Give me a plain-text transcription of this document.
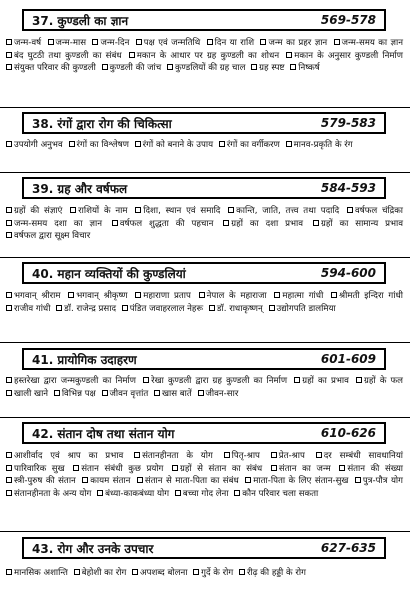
37. कुण्डली का ज्ञान	569-578
जन्म-वर्ष जन्म-मास जन्म-दिन पक्ष एवं जन्मतिथि दिन या राशि जन्म का प्रहर ज्ञान जन्म-समय का ज्ञान बंद घुटठी तथा कुण्डली का संबंध मकान के आधार पर ग्रह कुण्डली का शोधन मकान के अनुसार कुण्डली निर्माण संयुक्त परिवार की कुण्डली कुण्डली की जांच कुण्डलियों की ग्रह चाल ग्रह स्पष्ट निष्कर्ष
38. रंगों द्वारा रोग की चिकित्सा	579-583
उपयोगी अनुभव रंगों का विश्लेषण रंगों को बनाने के उपाय रंगों का वर्गीकरण मानव-प्रकृति के रंग
39. ग्रह और वर्षफल	584-593
ग्रहों की संज्ञाएं राशियों के नाम दिशा, स्थान एवं समादि कान्ति, जाति, तत्त्व तथा पदादि वर्षफल चंद्रिका जन्म-समय दशा का ज्ञान वर्षफल शुद्धता की पहचान ग्रहों का दशा प्रभाव ग्रहों का सामान्य प्रभाव वर्षफल द्वारा सूक्ष्म विचार
40. महान व्यक्तियों की कुण्डलियां	594-600
भगवान् श्रीराम भगवान् श्रीकृष्ण महाराणा प्रताप नेपाल के महाराजा महात्मा गांधी श्रीमती इन्दिरा गांधी राजीव गांधी डॉ. राजेन्द्र प्रसाद पंडित जवाहरलाल नेहरू डॉ. राधाकृष्णन् उद्योगपति डालमिया
41. प्रायोगिक उदाहरण	601-609
हस्तरेखा द्वारा जन्मकुण्डली का निर्माण रेखा कुण्डली द्वारा ग्रह कुण्डली का निर्माण ग्रहों का प्रभाव ग्रहों के फल खाली खाने विभिन्न पक्ष जीवन वृत्तांत खास बातें जीवन-सार
42. संतान दोष तथा संतान योग	610-626
आशीर्वाद एवं श्राप का प्रभाव संतानहीनता के योग पितृ-श्राप प्रेत-श्राप दर सम्बंधी सावधानियां पारिवारिक सुख संतान संबंधी कुछ प्रयोग ग्रहों से संतान का संबंध संतान का जन्म संतान की संख्या स्त्री-पुरुष की संतान कायम संतान संतान से माता-पिता का संबंध माता-पिता के लिए संतान-सुख पुत्र-पौत्र योग संतानहीनता के अन्य योग बंध्या-काकबंध्या योग बच्चा गोद लेना कौन परिवार चला सकता
43. रोग और उनके उपचार	627-635
मानसिक अशान्ति बेहोशी का रोग अपशब्द बोलना गुर्दे के रोग रीढ़ की हड्डी के रोग
